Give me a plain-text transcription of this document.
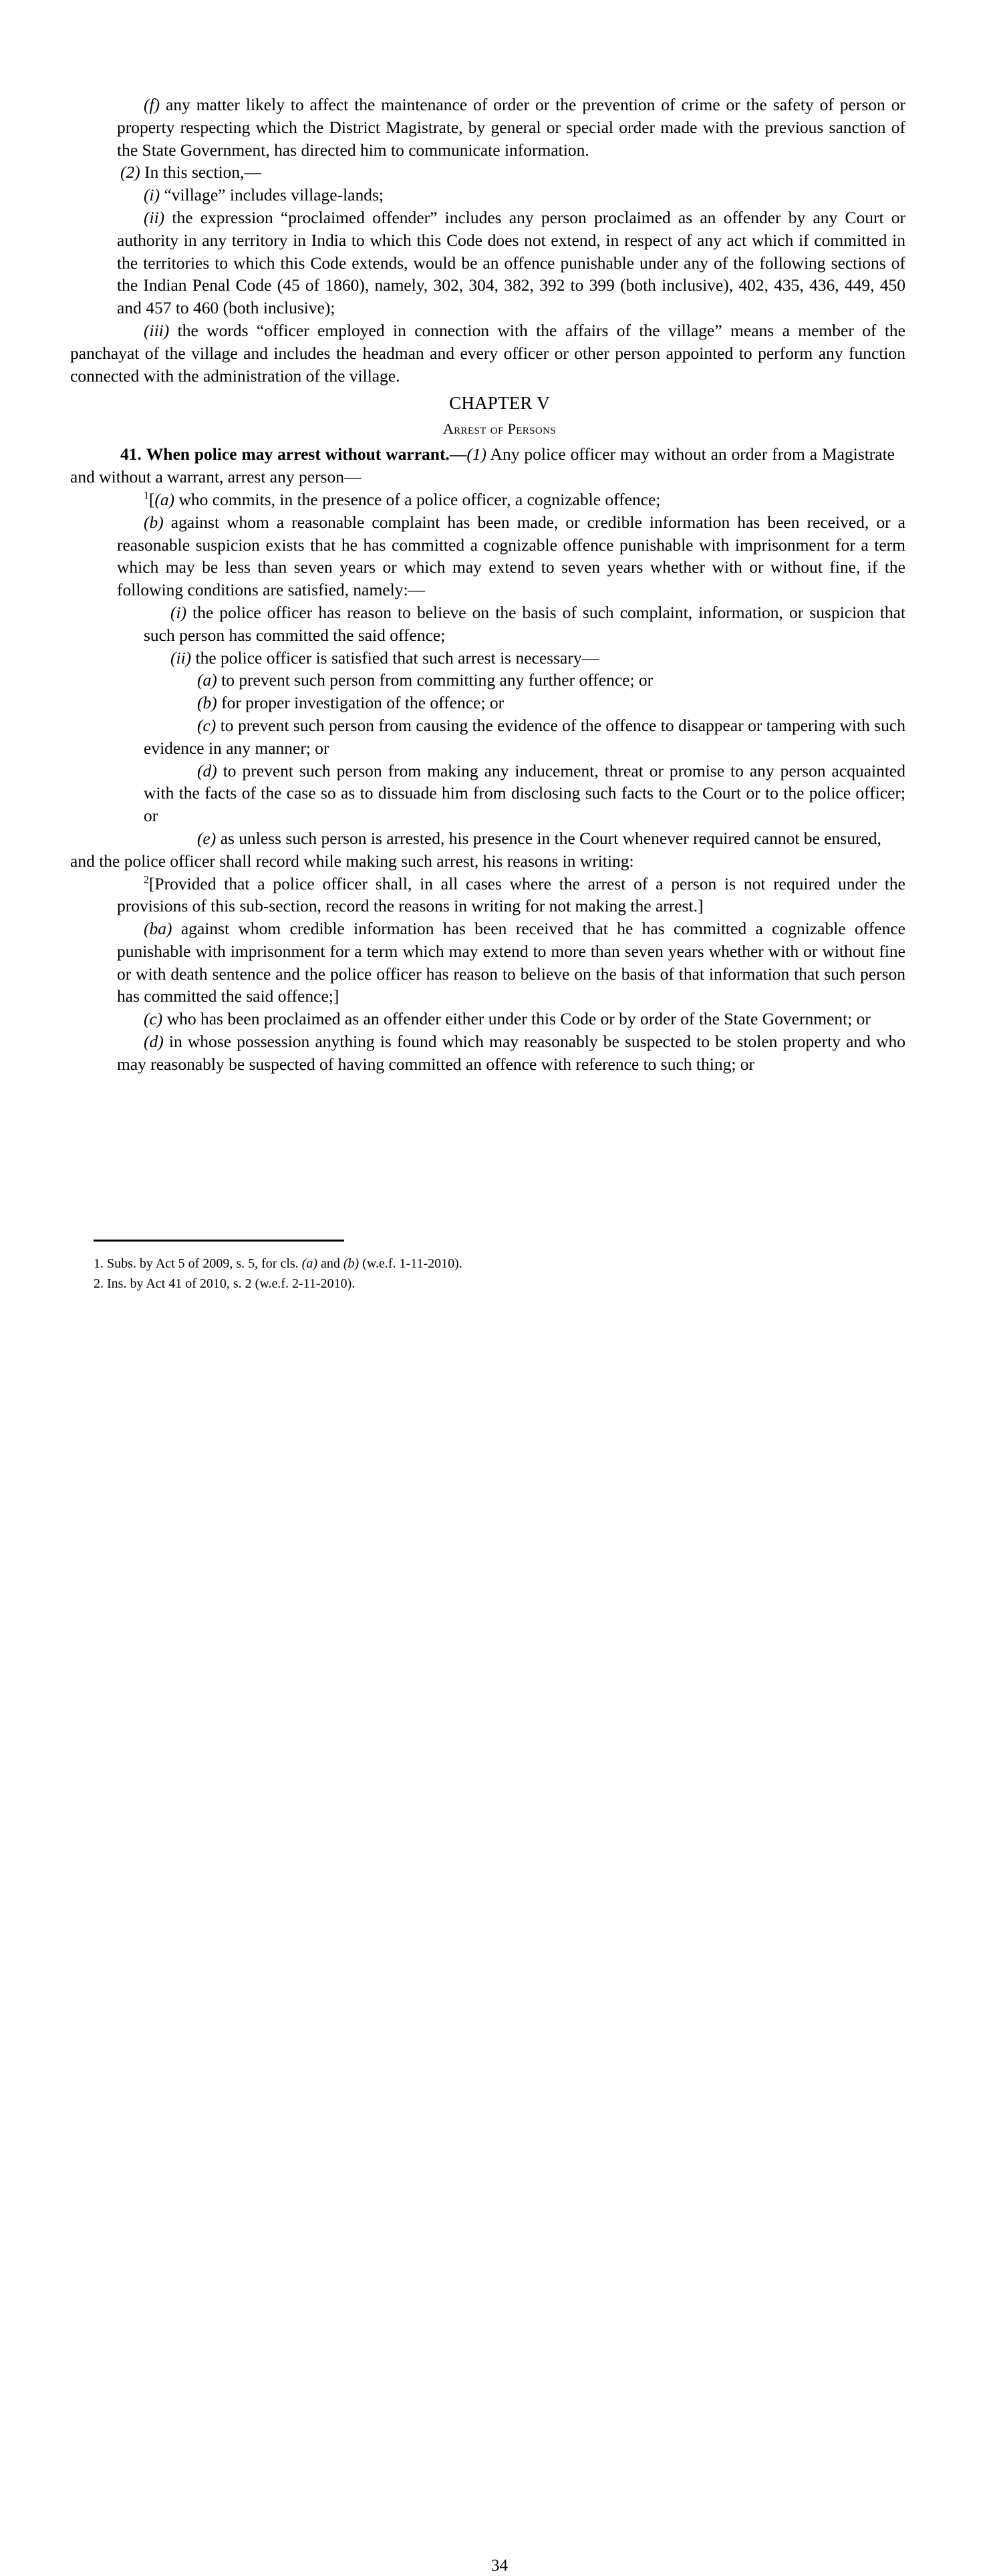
(f) any matter likely to affect the maintenance of order or the prevention of crime or the safety of person or property respecting which the District Magistrate, by general or special order made with the previous sanction of the State Government, has directed him to communicate information.

(2) In this section,—

(i) “village” includes village-lands;

(ii) the expression “proclaimed offender” includes any person proclaimed as an offender by any Court or authority in any territory in India to which this Code does not extend, in respect of any act which if committed in the territories to which this Code extends, would be an offence punishable under any of the following sections of the Indian Penal Code (45 of 1860), namely, 302, 304, 382, 392 to 399 (both inclusive), 402, 435, 436, 449, 450 and 457 to 460 (both inclusive);

(iii) the words “officer employed in connection with the affairs of the village” means a member of the panchayat of the village and includes the headman and every officer or other person appointed to perform any function connected with the administration of the village.

CHAPTER V

Arrest of Persons

41. When police may arrest without warrant.—(1) Any police officer may without an order from a Magistrateand without a warrant, arrest any person—

$^1$[(a) who commits, in the presence of a police officer, a cognizable offence;

(b) against whom a reasonable complaint has been made, or credible information has been received, or a reasonable suspicion exists that he has committed a cognizable offence punishable with imprisonment for a term which may be less than seven years or which may extend to seven years whether with or without fine, if the following conditions are satisfied, namely:—

(i) the police officer has reason to believe on the basis of such complaint, information, or suspicion that such person has committed the said offence;

(ii) the police officer is satisfied that such arrest is necessary—

(a) to prevent such person from committing any further offence; or

(b) for proper investigation of the offence; or

(c) to prevent such person from causing the evidence of the offence to disappear or tampering with such evidence in any manner; or

(d) to prevent such person from making any inducement, threat or promise to any person acquainted with the facts of the case so as to dissuade him from disclosing such facts to the Court or to the police officer; or

(e) as unless such person is arrested, his presence in the Court whenever required cannot be ensured,

and the police officer shall record while making such arrest, his reasons in writing:

$^2$[Provided that a police officer shall, in all cases where the arrest of a person is not required under the provisions of this sub-section, record the reasons in writing for not making the arrest.]

(ba) against whom credible information has been received that he has committed a cognizable offence punishable with imprisonment for a term which may extend to more than seven years whether with or without fine or with death sentence and the police officer has reason to believe on the basis of that information that such person has committed the said offence;]

(c) who has been proclaimed as an offender either under this Code or by order of the State Government; or

(d) in whose possession anything is found which may reasonably be suspected to be stolen property and who may reasonably be suspected of having committed an offence with reference to such thing; or

1. Subs. by Act 5 of 2009, s. 5, for cls. (a) and (b) (w.e.f. 1-11-2010).

2. Ins. by Act 41 of 2010, s. 2 (w.e.f. 2-11-2010).

34
